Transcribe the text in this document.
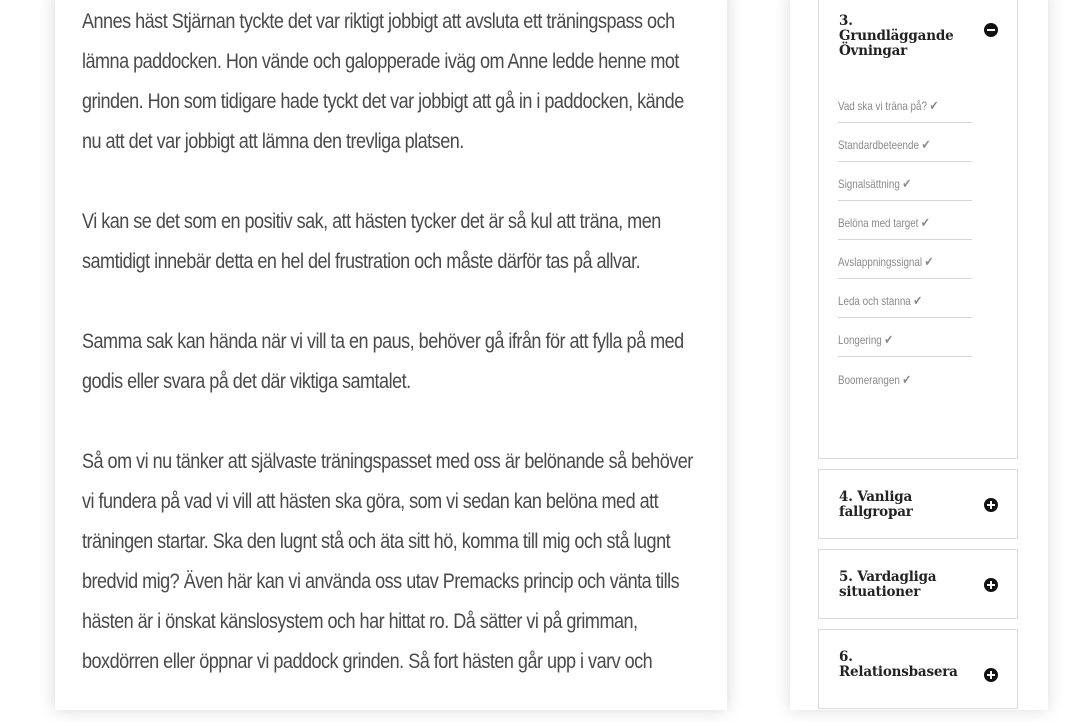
Annes häst Stjärnan tyckte det var riktigt jobbigt att avsluta ett träningspass och
lämna paddocken. Hon vände och galopperade iväg om Anne ledde henne mot
grinden. Hon som tidigare hade tyckt det var jobbigt att gå in i paddocken, kände
nu att det var jobbigt att lämna den trevliga platsen.

Vi kan se det som en positiv sak, att hästen tycker det är så kul att träna, men
samtidigt innebär detta en hel del frustration och måste därför tas på allvar.

Samma sak kan hända när vi vill ta en paus, behöver gå ifrån för att fylla på med
godis eller svara på det där viktiga samtalet.

Så om vi nu tänker att självaste träningspasset med oss är belönande så behöver
vi fundera på vad vi vill att hästen ska göra, som vi sedan kan belöna med att
träningen startar. Ska den lugnt stå och äta sitt hö, komma till mig och stå lugnt
bredvid mig? Även här kan vi använda oss utav Premacks princip och vänta tills
hästen är i önskat känslosystem och har hittat ro. Då sätter vi på grimman,
boxdörren eller öppnar vi paddock grinden. Så fort hästen går upp i varv och

3.
Grundläggande
Övningar
Vad ska vi träna på? ✔
Standardbeteende ✔
Signalsättning ✔
Belöna med target ✔
Avslappningssignal ✔
Leda och stanna ✔
Longering ✔
Boomerangen ✔
4. Vanliga
fallgropar
5. Vardagliga
situationer
6.
Relationsbasera
